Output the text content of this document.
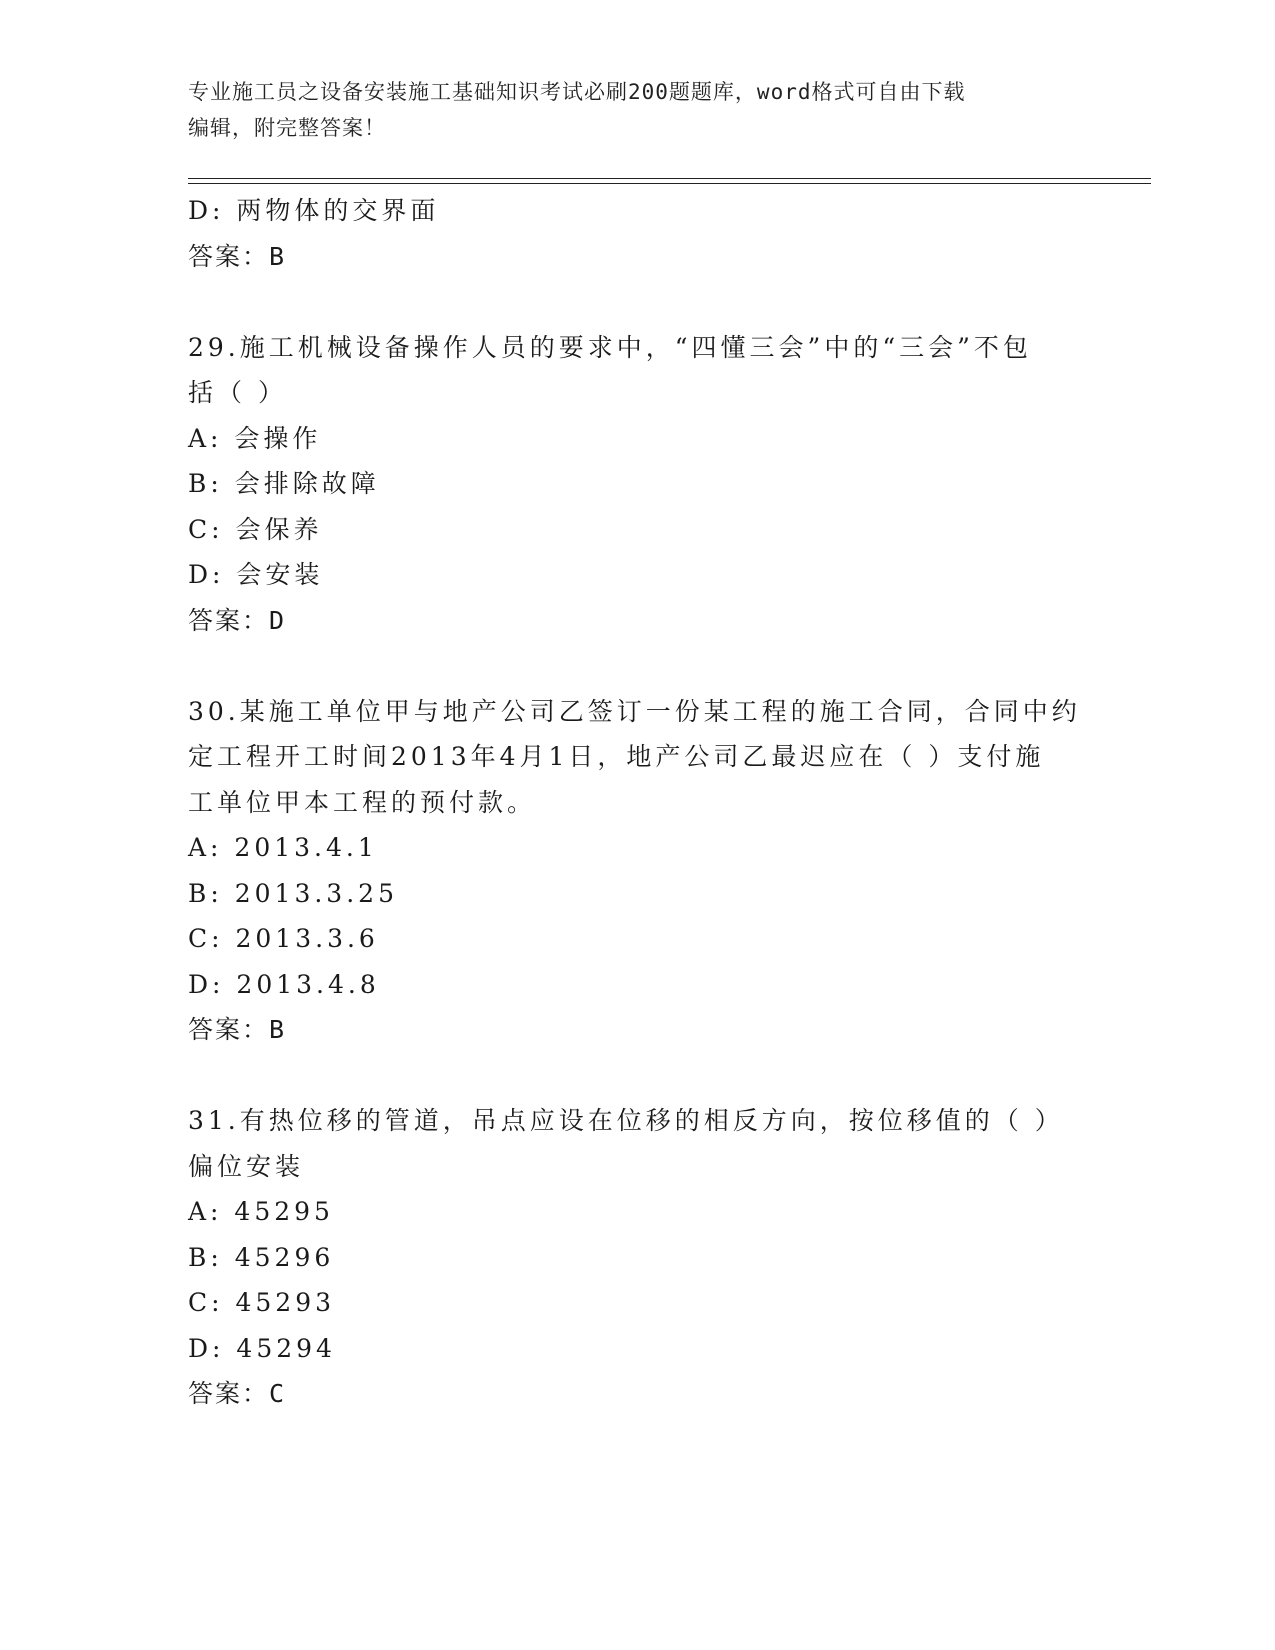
专业施工员之设备安装施工基础知识考试必刷200题题库，word格式可自由下载
编辑，附完整答案！
D: 两物体的交界面
答案：B
29.施工机械设备操作人员的要求中，“四懂三会”中的“三会”不包
括（ ）
A: 会操作
B: 会排除故障
C: 会保养
D: 会安装
答案：D
30.某施工单位甲与地产公司乙签订一份某工程的施工合同，合同中约
定工程开工时间2013年4月1日，地产公司乙最迟应在（ ）支付施
工单位甲本工程的预付款。
A: 2013.4.1
B: 2013.3.25
C: 2013.3.6
D: 2013.4.8
答案：B
31.有热位移的管道，吊点应设在位移的相反方向，按位移值的（ ）
偏位安装
A: 45295
B: 45296
C: 45293
D: 45294
答案：C
